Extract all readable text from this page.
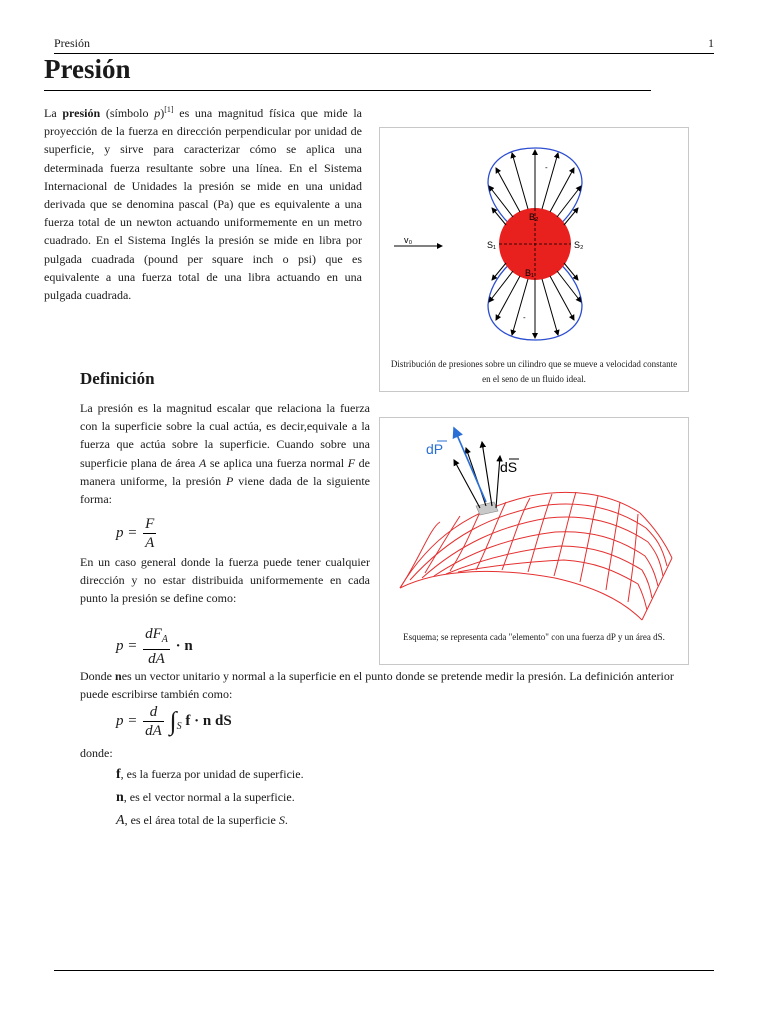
Presión	1
Presión
La presión (símbolo p)[1] es una magnitud física que mide la proyección de la fuerza en dirección perpendicular por unidad de superficie, y sirve para caracterizar cómo se aplica una determinada fuerza resultante sobre una línea. En el Sistema Internacional de Unidades la presión se mide en una unidad derivada que se denomina pascal (Pa) que es equivalente a una fuerza total de un newton actuando uniformemente en un metro cuadrado. En el Sistema Inglés la presión se mide en libra por pulgada cuadrada (pound per square inch o psi) que es equivalente a una fuerza total de una libra actuando en una pulgada cuadrada.
v₀	S₁	S₂
B₂
B₁
-
-
Distribución de presiones sobre un cilindro que se mueve a velocidad constante en el seno de un fluido ideal.
Definición
La presión es la magnitud escalar que relaciona la fuerza con la superficie sobre la cual actúa, es decir,equivale a la fuerza que actúa sobre la superficie. Cuando sobre una superficie plana de área A se aplica una fuerza normal F de manera uniforme, la presión P viene dada de la siguiente forma:
$p = \frac{F}{A}$
En un caso general donde la fuerza puede tener cualquier dirección y no estar distribuida uniformemente en cada punto la presión se define como:
$p = \frac{dF_A}{dA} \cdot n$
Donde nes un vector unitario y normal a la superficie en el punto donde se pretende medir la presión. La definición anterior puede escribirse también como:
$p = \frac{d}{dA} \int_S$ f · n dS
donde:
f, es la fuerza por unidad de superficie.
n, es el vector normal a la superficie.
A, es el área total de la superficie S.
dP
dS
Esquema; se representa cada "elemento" con una fuerza dP y un área dS.
